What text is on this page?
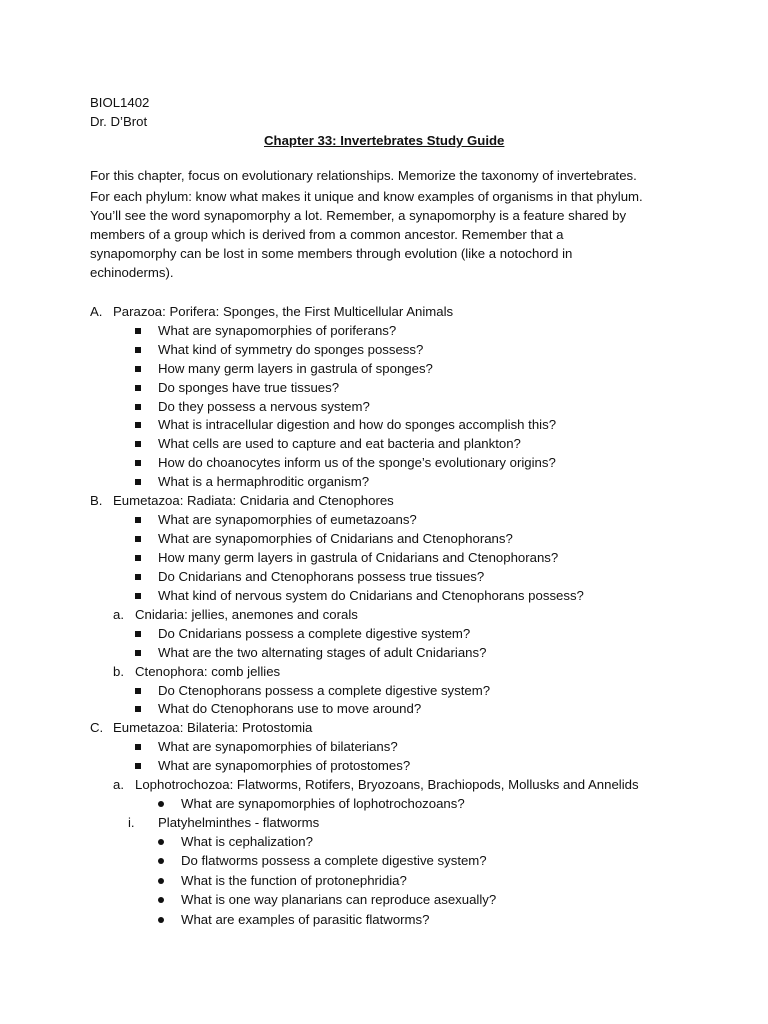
BIOL1402
Dr. D’Brot
Chapter 33: Invertebrates Study Guide
For this chapter, focus on evolutionary relationships. Memorize the taxonomy of invertebrates.
For each phylum: know what makes it unique and know examples of organisms in that phylum.
You’ll see the word synapomorphy a lot. Remember, a synapomorphy is a feature shared by
members of a group which is derived from a common ancestor. Remember that a
synapomorphy can be lost in some members through evolution (like a notochord in
echinoderms).
A. Parazoa: Porifera: Sponges, the First Multicellular Animals
What are synapomorphies of poriferans?
What kind of symmetry do sponges possess?
How many germ layers in gastrula of sponges?
Do sponges have true tissues?
Do they possess a nervous system?
What is intracellular digestion and how do sponges accomplish this?
What cells are used to capture and eat bacteria and plankton?
How do choanocytes inform us of the sponge’s evolutionary origins?
What is a hermaphroditic organism?
B. Eumetazoa: Radiata: Cnidaria and Ctenophores
What are synapomorphies of eumetazoans?
What are synapomorphies of Cnidarians and Ctenophorans?
How many germ layers in gastrula of Cnidarians and Ctenophorans?
Do Cnidarians and Ctenophorans possess true tissues?
What kind of nervous system do Cnidarians and Ctenophorans possess?
a. Cnidaria: jellies, anemones and corals
Do Cnidarians possess a complete digestive system?
What are the two alternating stages of adult Cnidarians?
b. Ctenophora: comb jellies
Do Ctenophorans possess a complete digestive system?
What do Ctenophorans use to move around?
C. Eumetazoa: Bilateria: Protostomia
What are synapomorphies of bilaterians?
What are synapomorphies of protostomes?
a. Lophotrochozoa: Flatworms, Rotifers, Bryozoans, Brachiopods, Mollusks and Annelids
What are synapomorphies of lophotrochozoans?
i. Platyhelminthes - flatworms
What is cephalization?
Do flatworms possess a complete digestive system?
What is the function of protonephridia?
What is one way planarians can reproduce asexually?
What are examples of parasitic flatworms?
